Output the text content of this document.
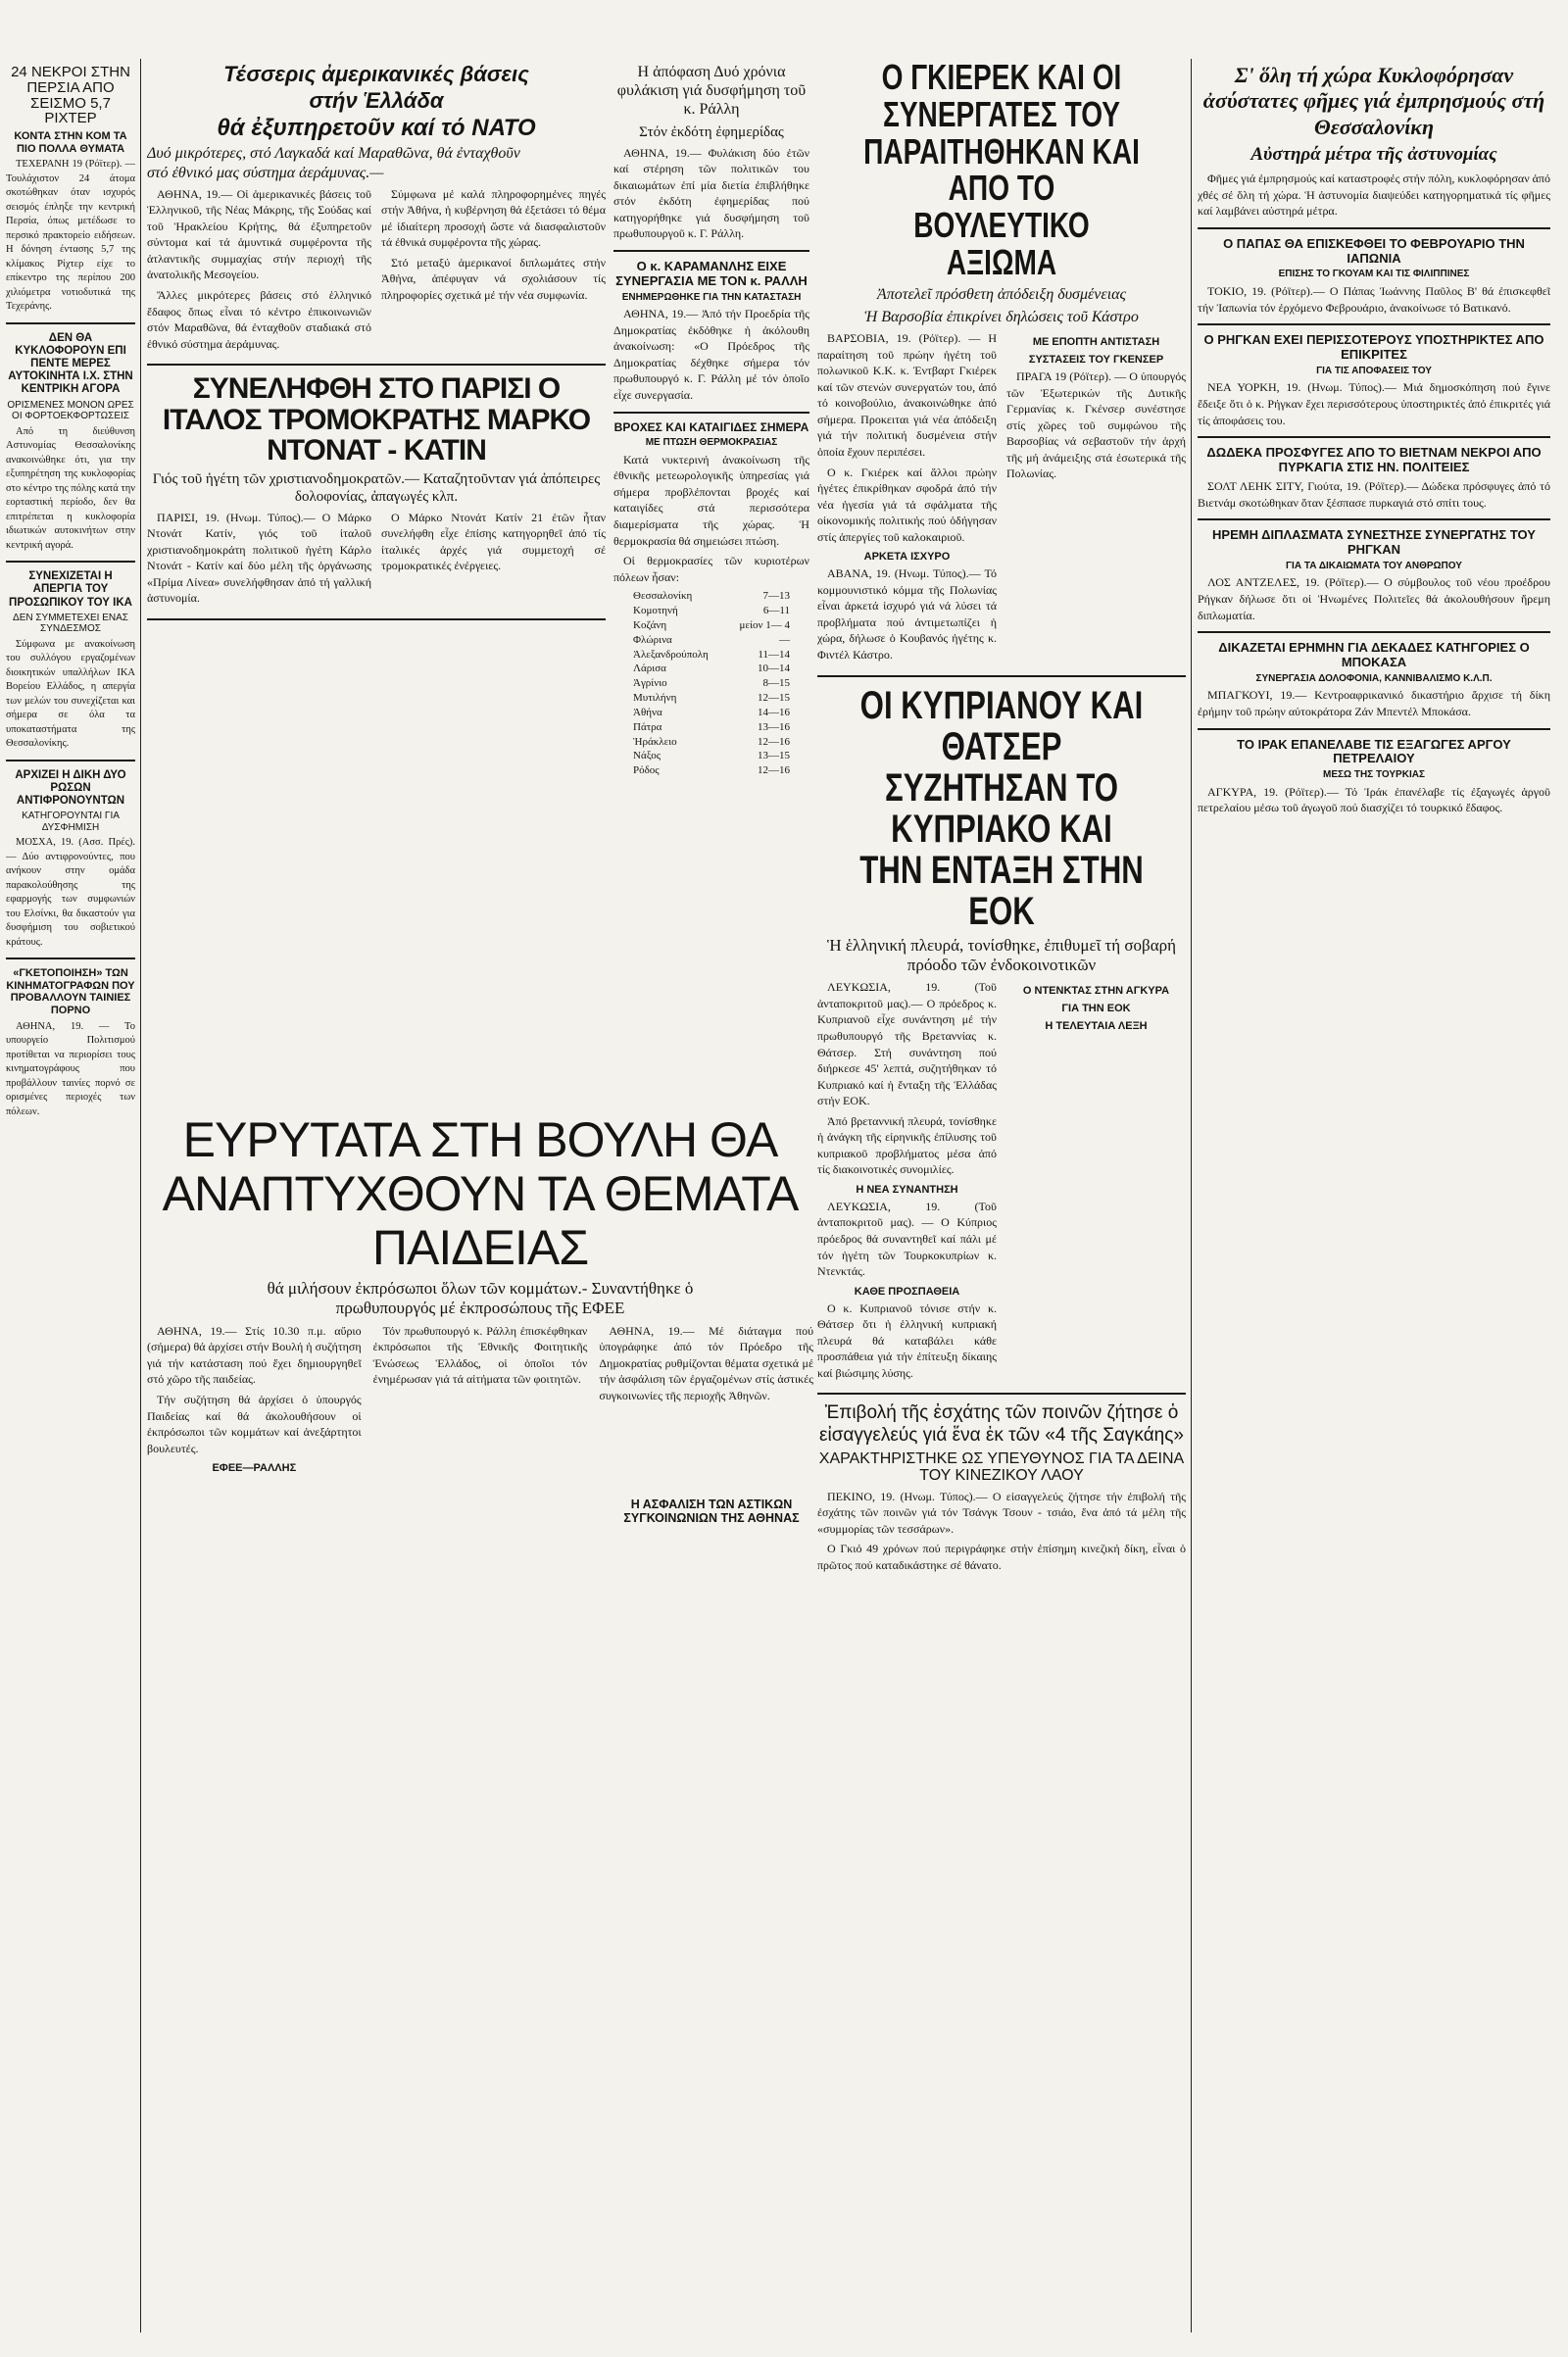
24 ΝΕΚΡΟΙ ΣΤΗΝ ΠΕΡΣΙΑ ΑΠΟ ΣΕΙΣΜΟ 5,7 ΡΙΧΤΕΡ
ΚΟΝΤΑ ΣΤΗΝ ΚΟΜ ΤΑ ΠΙΟ ΠΟΛΛΑ ΘΥΜΑΤΑ

ΤΕΧΕΡΑΝΗ 19 (Ρόϊτερ). — Τουλάχιστον 24 άτομα σκοτώθηκαν όταν ισχυρός σεισμός έπληξε την κεντρική Περσία, όπως μετέδωσε το περσικό πρακτορείο ειδήσεων. Η δόνηση έντασης 5,7 της κλίμακος Ρίχτερ είχε το επίκεντρο της περίπου 200 χιλιόμετρα νοτιοδυτικά της Τεχεράνης.

ΔΕΝ ΘΑ ΚΥΚΛΟΦΟΡΟΥΝ ΕΠΙ ΠΕΝΤΕ ΜΕΡΕΣ ΑΥΤΟΚΙΝΗΤΑ Ι.Χ. ΣΤΗΝ ΚΕΝΤΡΙΚΗ ΑΓΟΡΑ
ΟΡΙΣΜΕΝΕΣ ΜΟΝΟΝ ΩΡΕΣ ΟΙ ΦΟΡΤΟΕΚΦΟΡΤΩΣΕΙΣ

Από τη διεύθυνση Αστυνομίας Θεσσαλονίκης ανακοινώθηκε ότι, για την εξυπηρέτηση της κυκλοφορίας στο κέντρο της πόλης κατά την εορταστική περίοδο, δεν θα επιτρέπεται η κυκλοφορία ιδιωτικών αυτοκινήτων στην κεντρική αγορά.

ΣΥΝΕΧΙΖΕΤΑΙ Η ΑΠΕΡΓΙΑ ΤΟΥ ΠΡΟΣΩΠΙΚΟΥ ΤΟΥ ΙΚΑ
ΔΕΝ ΣΥΜΜΕΤΕΧΕΙ ΕΝΑΣ ΣΥΝΔΕΣΜΟΣ

Σύμφωνα με ανακοίνωση του συλλόγου εργαζομένων διοικητικών υπαλλήλων ΙΚΑ Βορείου Ελλάδος, η απεργία των μελών του συνεχίζεται και σήμερα σε όλα τα υποκαταστήματα της Θεσσαλονίκης.

ΑΡΧΙΖΕΙ Η ΔΙΚΗ ΔΥΟ ΡΩΣΩΝ ΑΝΤΙΦΡΟΝΟΥΝΤΩΝ
ΚΑΤΗΓΟΡΟΥΝΤΑΙ ΓΙΑ ΔΥΣΦΗΜΙΣΗ

ΜΟΣΧΑ, 19. (Ασσ. Πρές). — Δύο αντιφρονούντες, που ανήκουν στην ομάδα παρακολούθησης της εφαρμογής των συμφωνιών του Ελσίνκι, θα δικαστούν για δυσφήμιση του σοβιετικού κράτους.

«ΓΚΕΤΟΠΟΙΗΣΗ» ΤΩΝ ΚΙΝΗΜΑΤΟΓΡΑΦΩΝ ΠΟΥ ΠΡΟΒΑΛΛΟΥΝ ΤΑΙΝΙΕΣ ΠΟΡΝΟ

ΑΘΗΝΑ, 19. — Το υπουργείο Πολιτισμού προτίθεται να περιορίσει τους κινηματογράφους που προβάλλουν ταινίες πορνό σε ορισμένες περιοχές των πόλεων.

Τέσσερις ἀμερικανικές βάσεις
στήν Ἑλλάδα
θά ἐξυπηρετοῦν καί τό ΝΑΤΟ
Δυό μικρότερες, στό Λαγκαδά καί Μαραθῶνα, θά ἐνταχθοῦν στό ἐθνικό μας σύστημα ἀεράμυνας.—

ΑΘΗΝΑ, 19.— Οἱ ἀμερικανικές βάσεις τοῦ Ἑλληνικοῦ, τῆς Νέας Μάκρης, τῆς Σούδας καί τοῦ Ἡρακλείου Κρήτης, θά ἐξυπηρετοῦν σύντομα καί τά ἀμυντικά συμφέροντα τῆς ἀτλαντικῆς συμμαχίας στήν περιοχή τῆς ἀνατολικῆς Μεσογείου.

Ἄλλες μικρότερες βάσεις στό ἑλληνικό ἔδαφος ὅπως εἶναι τό κέντρο ἐπικοινωνιῶν στόν Μαραθῶνα, θά ἐνταχθοῦν σταδιακά στό ἐθνικό σύστημα ἀεράμυνας.

Σύμφωνα μέ καλά πληροφορημένες πηγές στήν Ἀθήνα, ἡ κυβέρνηση θά ἐξετάσει τό θέμα μέ ἰδιαίτερη προσοχή ὥστε νά διασφαλιστοῦν τά ἐθνικά συμφέροντα τῆς χώρας.

Στό μεταξύ ἀμερικανοί διπλωμάτες στήν Ἀθήνα, ἀπέφυγαν νά σχολιάσουν τίς πληροφορίες σχετικά μέ τήν νέα συμφωνία.

ΣΥΝΕΛΗΦΘΗ ΣΤΟ ΠΑΡΙΣΙ Ο ΙΤΑΛΟΣ ΤΡΟΜΟΚΡΑΤΗΣ ΜΑΡΚΟ ΝΤΟΝΑΤ - ΚΑΤΙΝ
Γιός τοῦ ἡγέτη τῶν χριστιανοδημοκρατῶν.— Καταζητοῦνταν γιά ἀπόπειρες δολοφονίας, ἀπαγωγές κλπ.

ΠΑΡΙΣΙ, 19. (Ηνωμ. Τύπος).— Ο Μάρκο Ντονάτ Κατίν, γιός τοῦ ἰταλοῦ χριστιανοδημοκράτη πολιτικοῦ ἡγέτη Κάρλο Ντονάτ - Κατίν καί δύο μέλη τῆς ὀργάνωσης «Πρίμα Λίνεα» συνελήφθησαν ἀπό τή γαλλική ἀστυνομία.

Ο Μάρκο Ντονάτ Κατίν 21 ἐτῶν ἦταν συνελήφθη εἶχε ἐπίσης κατηγορηθεῖ ἀπό τίς ἰταλικές ἀρχές γιά συμμετοχή σέ τρομοκρατικές ἐνέργειες.

ΕΥΡΥΤΑΤΑ ΣΤΗ ΒΟΥΛΗ ΘΑ ΑΝΑΠΤΥΧΘΟΥΝ ΤΑ ΘΕΜΑΤΑ ΠΑΙΔΕΙΑΣ
θά μιλήσουν ἐκπρόσωποι ὅλων τῶν κομμάτων.- Συναντήθηκε ὁ πρωθυπουργός μέ ἐκπροσώπους τῆς ΕΦΕΕ

ΑΘΗΝΑ, 19.— Στίς 10.30 π.μ. αὔριο (σήμερα) θά ἀρχίσει στήν Βουλή ἡ συζήτηση γιά τήν κατάσταση πού ἔχει δημιουργηθεῖ στό χῶρο τῆς παιδείας.

Τήν συζήτηση θά ἀρχίσει ὁ ὑπουργός Παιδείας καί θά ἀκολουθήσουν οἱ ἐκπρόσωποι τῶν κομμάτων καί ἀνεξάρτητοι βουλευτές.

ΕΦΕΕ—ΡΑΛΛΗΣ

Τόν πρωθυπουργό κ. Ράλλη ἐπισκέφθηκαν ἐκπρόσωποι τῆς Ἐθνικῆς Φοιτητικῆς Ἑνώσεως Ἑλλάδος, οἱ ὁποῖοι τόν ἐνημέρωσαν γιά τά αἰτήματα τῶν φοιτητῶν.

ΑΘΗΝΑ, 19.— Μέ διάταγμα πού ὑπογράφηκε ἀπό τόν Πρόεδρο τῆς Δημοκρατίας ρυθμίζονται θέματα σχετικά μέ τήν ἀσφάλιση τῶν ἐργαζομένων στίς ἀστικές συγκοινωνίες τῆς περιοχῆς Ἀθηνῶν.

Η ἀπόφαση Δυό χρόνια φυλάκιση γιά δυσφήμηση τοῦ κ. Ράλλη
Στόν ἐκδότη ἐφημερίδας

ΑΘΗΝΑ, 19.— Φυλάκιση δύο ἐτῶν καί στέρηση τῶν πολιτικῶν του δικαιωμάτων ἐπί μία διετία ἐπιβλήθηκε στόν ἐκδότη ἐφημερίδας πού κατηγορήθηκε γιά δυσφήμηση τοῦ πρωθυπουργοῦ κ. Γ. Ράλλη.

Ο κ. ΚΑΡΑΜΑΝΛΗΣ ΕΙΧΕ ΣΥΝΕΡΓΑΣΙΑ ΜΕ ΤΟΝ κ. ΡΑΛΛΗ
ΕΝΗΜΕΡΩΘΗΚΕ ΓΙΑ ΤΗΝ ΚΑΤΑΣΤΑΣΗ

ΑΘΗΝΑ, 19.— Ἀπό τήν Προεδρία τῆς Δημοκρατίας ἐκδόθηκε ἡ ἀκόλουθη ἀνακοίνωση: «Ο Πρόεδρος τῆς Δημοκρατίας δέχθηκε σήμερα τόν πρωθυπουργό κ. Γ. Ράλλη μέ τόν ὁποῖο εἶχε συνεργασία.

ΒΡΟΧΕΣ ΚΑΙ ΚΑΤΑΙΓΙΔΕΣ ΣΗΜΕΡΑ
ΜΕ ΠΤΩΣΗ ΘΕΡΜΟΚΡΑΣΙΑΣ

Κατά νυκτερινή ἀνακοίνωση τῆς ἐθνικῆς μετεωρολογικῆς ὑπηρεσίας γιά σήμερα προβλέπονται βροχές καί καταιγίδες στά περισσότερα διαμερίσματα τῆς χώρας. Ἡ θερμοκρασία θά σημειώσει πτώση.

Οἱ θερμοκρασίες τῶν κυριοτέρων πόλεων ἦσαν:

Θεσσαλονίκη	7—13
Κομοτηνή	6—11
Κοζάνη	μείον 1— 4
Φλώρινα	—
Ἀλεξανδρούπολη	11—14
Λάρισα	10—14
Ἀγρίνιο	8—15
Μυτιλήνη	12—15
Ἀθήνα	14—16
Πάτρα	13—16
Ἡράκλειο	12—16
Νάξος	13—15
Ρόδος	12—16
Η ΑΣΦΑΛΙΣΗ ΤΩΝ ΑΣΤΙΚΩΝ ΣΥΓΚΟΙΝΩΝΙΩΝ ΤΗΣ ΑΘΗΝΑΣ
Ο ΓΚΙΕΡΕΚ ΚΑΙ ΟΙ ΣΥΝΕΡΓΑΤΕΣ ΤΟΥ ΠΑΡΑΙΤΗΘΗΚΑΝ ΚΑΙ ΑΠΟ ΤΟ ΒΟΥΛΕΥΤΙΚΟ ΑΞΙΩΜΑ
Ἀποτελεῖ πρόσθετη ἀπόδειξη δυσμένειας
Ἡ Βαρσοβία ἐπικρίνει δηλώσεις τοῦ Κάστρο

ΒΑΡΣΟΒΙΑ, 19. (Ρόϊτερ). — Η παραίτηση τοῦ πρώην ἡγέτη τοῦ πολωνικοῦ Κ.Κ. κ. Έντβαρτ Γκιέρεκ καί τῶν στενών συνεργατών του, ἀπό τό κοινοβούλιο, ἀνακοινώθηκε ἀπό σήμερα. Προκειται γιά νέα ἀπόδειξη γιά τήν πολιτική δυσμένεια στήν ὁποία ἔχουν περιπέσει.

Ο κ. Γκιέρεκ καί ἄλλοι πρώην ἡγέτες ἐπικρίθηκαν σφοδρά ἀπό τήν νέα ἡγεσία γιά τά σφάλματα τῆς οἰκονομικής πολιτικής πού ὁδήγησαν στίς ἀπεργίες τοῦ καλοκαιριοῦ.

ΑΡΚΕΤΑ ΙΣΧΥΡΟ

ΑΒΑΝΑ, 19. (Ηνωμ. Τύπος).— Τό κομμουνιστικό κόμμα τῆς Πολωνίας εἶναι ἀρκετά ἰσχυρό γιά νά λύσει τά προβλήματα πού ἀντιμετωπίζει ἡ χώρα, δήλωσε ὁ Κουβανός ἡγέτης κ. Φιντέλ Κάστρο.

ΜΕ ΕΠΟΠΤΗ ΑΝΤΙΣΤΑΣΗ
ΣΥΣΤΑΣΕΙΣ ΤΟΥ ΓΚΕΝΣΕΡ

ΠΡΑΓΑ 19 (Ρόϊτερ). — Ο ὑπουργός τῶν Ἐξωτερικών τῆς Δυτικῆς Γερμανίας κ. Γκένσερ συνέστησε στίς χῶρες τοῦ συμφώνου τῆς Βαρσοβίας νά σεβαστοῦν τήν ἀρχή τῆς μή ἀνάμειξης στά ἐσωτερικά τῆς Πολωνίας.

ΟΙ ΚΥΠΡΙΑΝΟΥ ΚΑΙ ΘΑΤΣΕΡ ΣΥΖΗΤΗΣΑΝ ΤΟ ΚΥΠΡΙΑΚΟ ΚΑΙ ΤΗΝ ΕΝΤΑΞΗ ΣΤΗΝ ΕΟΚ
Ἡ ἑλληνική πλευρά, τονίσθηκε, ἐπιθυμεῖ τή σοβαρή πρόοδο τῶν ἐνδοκοινοτικῶν

ΛΕΥΚΩΣΙΑ, 19. (Τοῦ ἀνταποκριτοῦ μας).— Ο πρόεδρος κ. Κυπριανοῦ εἶχε συνάντηση μέ τήν πρωθυπουργό τῆς Βρεταννίας κ. Θάτσερ. Στή συνάντηση πού διήρκεσε 45' λεπτά, συζητήθηκαν τό Κυπριακό καί ἡ ἔνταξη τῆς Ἑλλάδας στήν ΕΟΚ.

Ἀπό βρεταννική πλευρά, τονίσθηκε ἡ ἀνάγκη τῆς εἰρηνικῆς ἐπίλυσης τοῦ κυπριακοῦ προβλήματος μέσα ἀπό τίς διακοινοτικές συνομιλίες.

Η ΝΕΑ ΣΥΝΑΝΤΗΣΗ

ΛΕΥΚΩΣΙΑ, 19. (Τοῦ ἀνταποκριτοῦ μας). — Ο Κύπριος πρόεδρος θά συναντηθεῖ καί πάλι μέ τόν ἡγέτη τῶν Τουρκοκυπρίων κ. Ντενκτάς.

ΚΑΘΕ ΠΡΟΣΠΑΘΕΙΑ

Ο κ. Κυπριανοῦ τόνισε στήν κ. Θάτσερ ὅτι ἡ ἑλληνική κυπριακή πλευρά θά καταβάλει κάθε προσπάθεια γιά τήν ἐπίτευξη δίκαιης καί βιώσιμης λύσης.

Ο ΝΤΕΝΚΤΑΣ ΣΤΗΝ ΑΓΚΥΡΑ
ΓΙΑ ΤΗΝ ΕΟΚ
Η ΤΕΛΕΥΤΑΙΑ ΛΕΞΗ
Ἐπιβολή τῆς ἐσχάτης τῶν ποινῶν ζήτησε ὁ εἰσαγγελεύς γιά ἕνα ἐκ τῶν «4 τῆς Σαγκάης»
ΧΑΡΑΚΤΗΡΙΣΤΗΚΕ ΩΣ ΥΠΕΥΘΥΝΟΣ ΓΙΑ ΤΑ ΔΕΙΝΑ ΤΟΥ ΚΙΝΕΖΙΚΟΥ ΛΑΟΥ

ΠΕΚΙΝΟ, 19. (Ηνωμ. Τύπος).— Ο εἰσαγγελεύς ζήτησε τήν ἐπιβολή τῆς ἐσχάτης τῶν ποινῶν γιά τόν Τσάνγκ Τσουν - τσιάο, ἕνα ἀπό τά μέλη τῆς «συμμορίας τῶν τεσσάρων».

Ο Γκιό 49 χρόνων πού περιγράφηκε στήν ἐπίσημη κινεζική δίκη, εἶναι ὁ πρῶτος πού καταδικάστηκε σέ θάνατο.

Σ' ὅλη τή χώρα Κυκλοφόρησαν ἀσύστατες φῆμες γιά ἐμπρησμούς στή Θεσσαλονίκη
Αὐστηρά μέτρα τῆς ἀστυνομίας

Φῆμες γιά ἐμπρησμούς καί καταστροφές στήν πόλη, κυκλοφόρησαν ἀπό χθές σέ ὅλη τή χώρα. Ἡ ἀστυνομία διαψεύδει κατηγορηματικά τίς φῆμες καί λαμβάνει αὐστηρά μέτρα.

Ο ΠΑΠΑΣ ΘΑ ΕΠΙΣΚΕΦΘΕΙ ΤΟ ΦΕΒΡΟΥΑΡΙΟ ΤΗΝ ΙΑΠΩΝΙΑ
ΕΠΙΣΗΣ ΤΟ ΓΚΟΥΑΜ ΚΑΙ ΤΙΣ ΦΙΛΙΠΠΙΝΕΣ

ΤΟΚΙΟ, 19. (Ρόϊτερ).— Ο Πάπας Ἰωάννης Παῦλος Β' θά ἐπισκεφθεῖ τήν Ἰαπωνία τόν ἐρχόμενο Φεβρουάριο, ἀνακοίνωσε τό Βατικανό.

Ο ΡΗΓΚΑΝ ΕΧΕΙ ΠΕΡΙΣΣΟΤΕΡΟΥΣ ΥΠΟΣΤΗΡΙΚΤΕΣ ΑΠΟ ΕΠΙΚΡΙΤΕΣ
ΓΙΑ ΤΙΣ ΑΠΟΦΑΣΕΙΣ ΤΟΥ

ΝΕΑ ΥΟΡΚΗ, 19. (Ηνωμ. Τύπος).— Μιά δημοσκόπηση πού ἔγινε ἔδειξε ὅτι ὁ κ. Ρήγκαν ἔχει περισσότερους ὑποστηρικτές ἀπό ἐπικριτές γιά τίς ἀποφάσεις του.

ΔΩΔΕΚΑ ΠΡΟΣΦΥΓΕΣ ΑΠΟ ΤΟ ΒΙΕΤΝΑΜ ΝΕΚΡΟΙ ΑΠΟ ΠΥΡΚΑΓΙΑ ΣΤΙΣ ΗΝ. ΠΟΛΙΤΕΙΕΣ

ΣΟΛΤ ΛΕΗΚ ΣΙΤΥ, Γιούτα, 19. (Ρόϊτερ).— Δώδεκα πρόσφυγες ἀπό τό Βιετνάμ σκοτώθηκαν ὅταν ξέσπασε πυρκαγιά στό σπίτι τους.

ΗΡΕΜΗ ΔΙΠΛΑΣΜΑΤΑ ΣΥΝΕΣΤΗΣΕ ΣΥΝΕΡΓΑΤΗΣ ΤΟΥ ΡΗΓΚΑΝ
ΓΙΑ ΤΑ ΔΙΚΑΙΩΜΑΤΑ ΤΟΥ ΑΝΘΡΩΠΟΥ

ΛΟΣ ΑΝΤΖΕΛΕΣ, 19. (Ρόϊτερ).— Ο σύμβουλος τοῦ νέου προέδρου Ρήγκαν δήλωσε ὅτι οἱ Ἡνωμένες Πολιτεῖες θά ἀκολουθήσουν ἤρεμη διπλωματία.

ΔΙΚΑΖΕΤΑΙ ΕΡΗΜΗΝ ΓΙΑ ΔΕΚΑΔΕΣ ΚΑΤΗΓΟΡΙΕΣ Ο ΜΠΟΚΑΣΑ
ΣΥΝΕΡΓΑΣΙΑ ΔΟΛΟΦΟΝΙΑ, ΚΑΝΝΙΒΑΛΙΣΜΟ Κ.Λ.Π.

ΜΠΑΓΚΟΥΙ, 19.— Κεντροαφρικανικό δικαστήριο ἄρχισε τή δίκη ἐρήμην τοῦ πρώην αὐτοκράτορα Ζάν Μπεντέλ Μποκάσα.

ΤΟ ΙΡΑΚ ΕΠΑΝΕΛΑΒΕ ΤΙΣ ΕΞΑΓΩΓΕΣ ΑΡΓΟΥ ΠΕΤΡΕΛΑΙΟΥ
ΜΕΣΩ ΤΗΣ ΤΟΥΡΚΙΑΣ

ΑΓΚΥΡΑ, 19. (Ρόϊτερ).— Τό Ἰράκ ἐπανέλαβε τίς ἐξαγωγές ἀργοῦ πετρελαίου μέσω τοῦ ἀγωγοῦ πού διασχίζει τό τουρκικό ἔδαφος.
